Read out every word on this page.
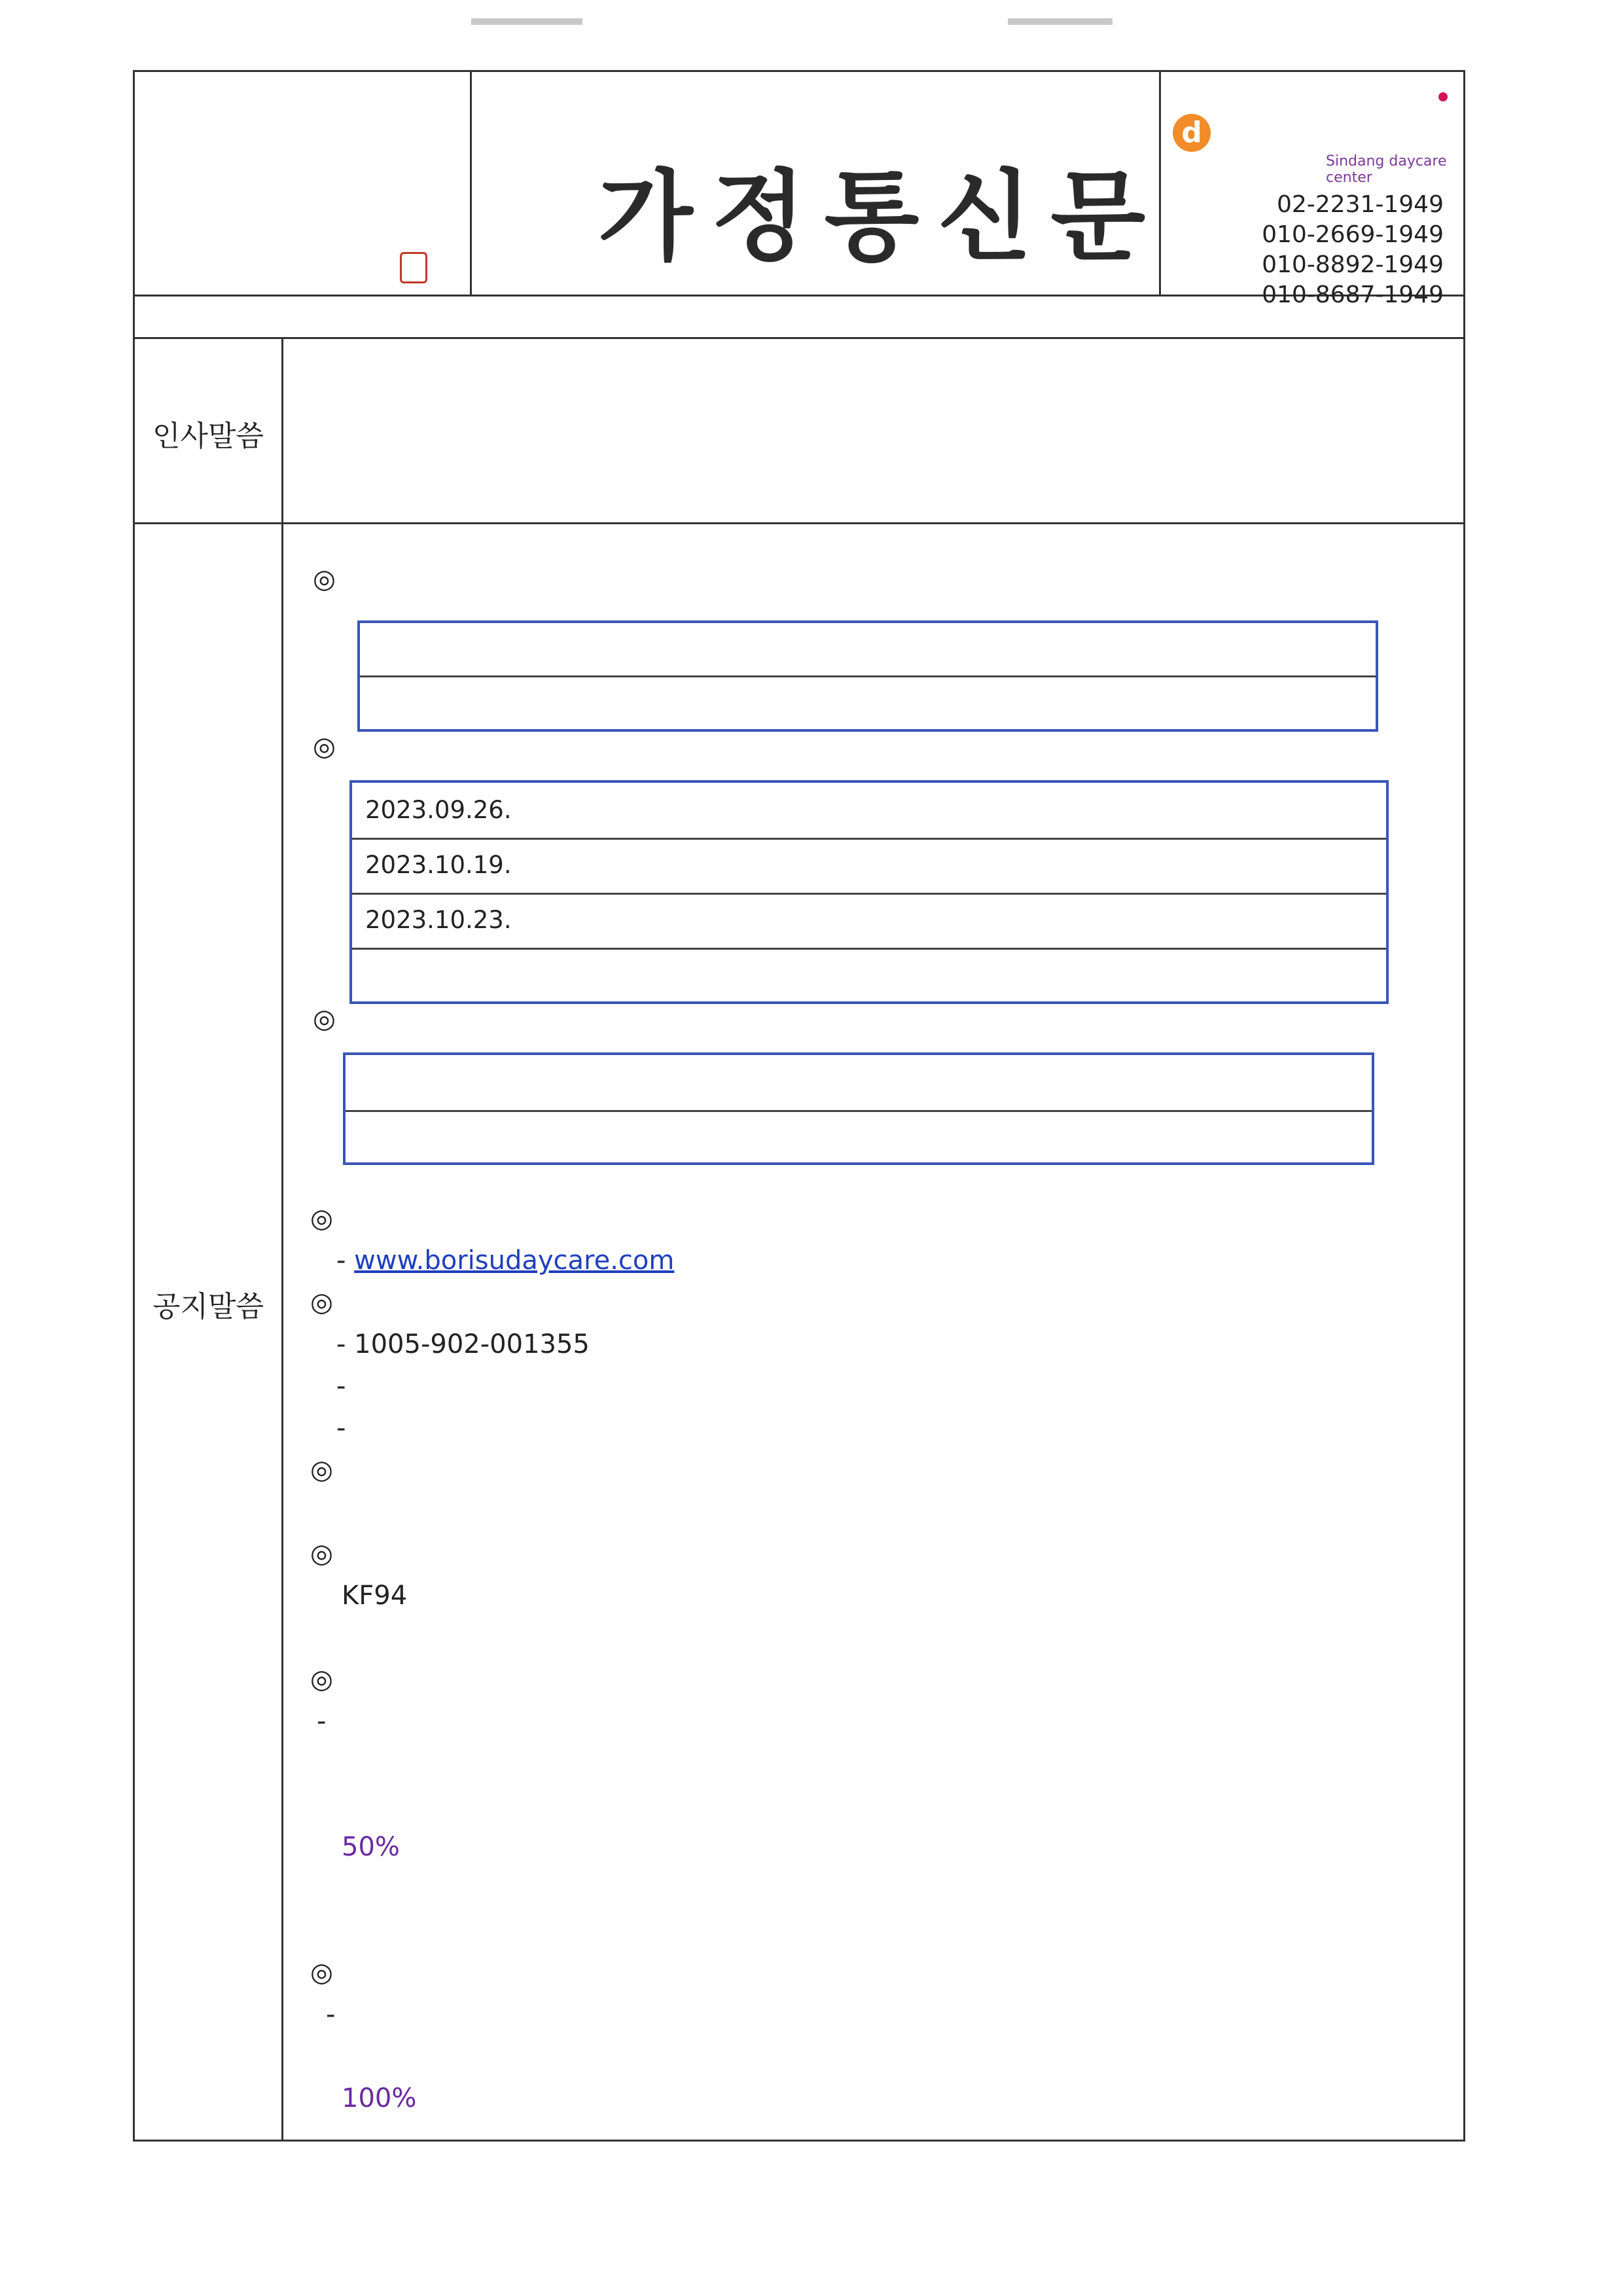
가정통신문
d
Sindang daycare center
02-2231-1949
010-2669-1949
010-8892-1949
010-8687-1949
인사말씀
공지말씀
◎
◎
2023.09.26.
2023.10.19.
2023.10.23.
◎
◎
- www.borisudaycare.com
◎
- 1005-902-001355
-
-
◎
◎
KF94
◎
-
50%
◎
-
100%
